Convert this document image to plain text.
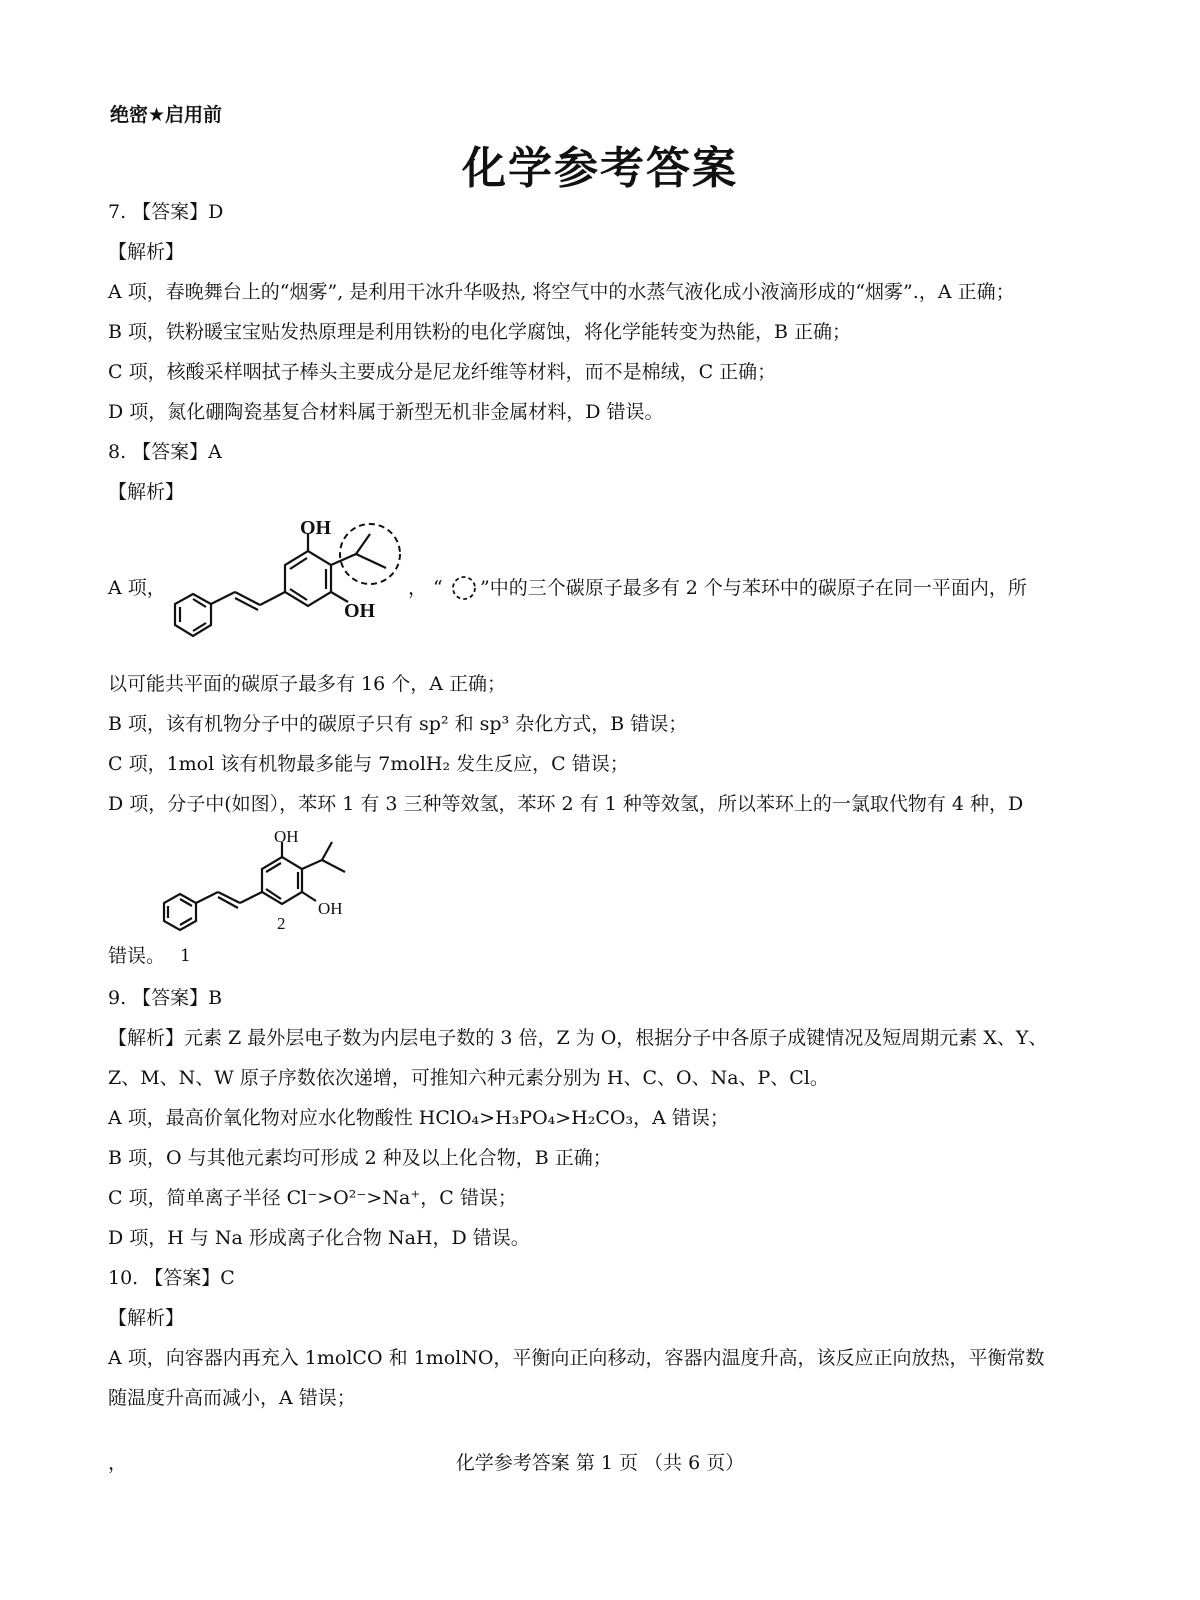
绝密★启用前
化学参考答案
7. 【答案】D
【解析】
A 项，春晚舞台上的“烟雾”, 是利用干冰升华吸热, 将空气中的水蒸气液化成小液滴形成的“烟雾”.，A 正确；
B 项，铁粉暖宝宝贴发热原理是利用铁粉的电化学腐蚀，将化学能转变为热能，B 正确；
C 项，核酸采样咽拭子棒头主要成分是尼龙纤维等材料，而不是棉绒，C 正确；
D 项，氮化硼陶瓷基复合材料属于新型无机非金属材料，D 错误。
8. 【答案】A
【解析】
A 项，
OH
OH
， “ ”中的三个碳原子最多有 2 个与苯环中的碳原子在同一平面内，所
以可能共平面的碳原子最多有 16 个，A 正确；
B 项，该有机物分子中的碳原子只有 sp² 和 sp³ 杂化方式，B 错误；
C 项，1mol 该有机物最多能与 7molH₂ 发生反应，C 错误；
D 项，分子中(如图），苯环 1 有 3 三种等效氢，苯环 2 有 1 种等效氢，所以苯环上的一氯取代物有 4 种，D
OH
OH
2
错误。 1
9. 【答案】B
【解析】元素 Z 最外层电子数为内层电子数的 3 倍，Z 为 O，根据分子中各原子成键情况及短周期元素 X、Y、
Z、M、N、W 原子序数依次递增，可推知六种元素分别为 H、C、O、Na、P、Cl。
A 项，最高价氧化物对应水化物酸性 HClO₄>H₃PO₄>H₂CO₃，A 错误；
B 项，O 与其他元素均可形成 2 种及以上化合物，B 正确；
C 项，简单离子半径 Cl⁻>O²⁻>Na⁺，C 错误；
D 项，H 与 Na 形成离子化合物 NaH，D 错误。
10. 【答案】C
【解析】
A 项，向容器内再充入 1molCO 和 1molNO，平衡向正向移动，容器内温度升高，该反应正向放热，平衡常数
随温度升高而减小，A 错误；
，	化学参考答案 第 1 页 （共 6 页）
